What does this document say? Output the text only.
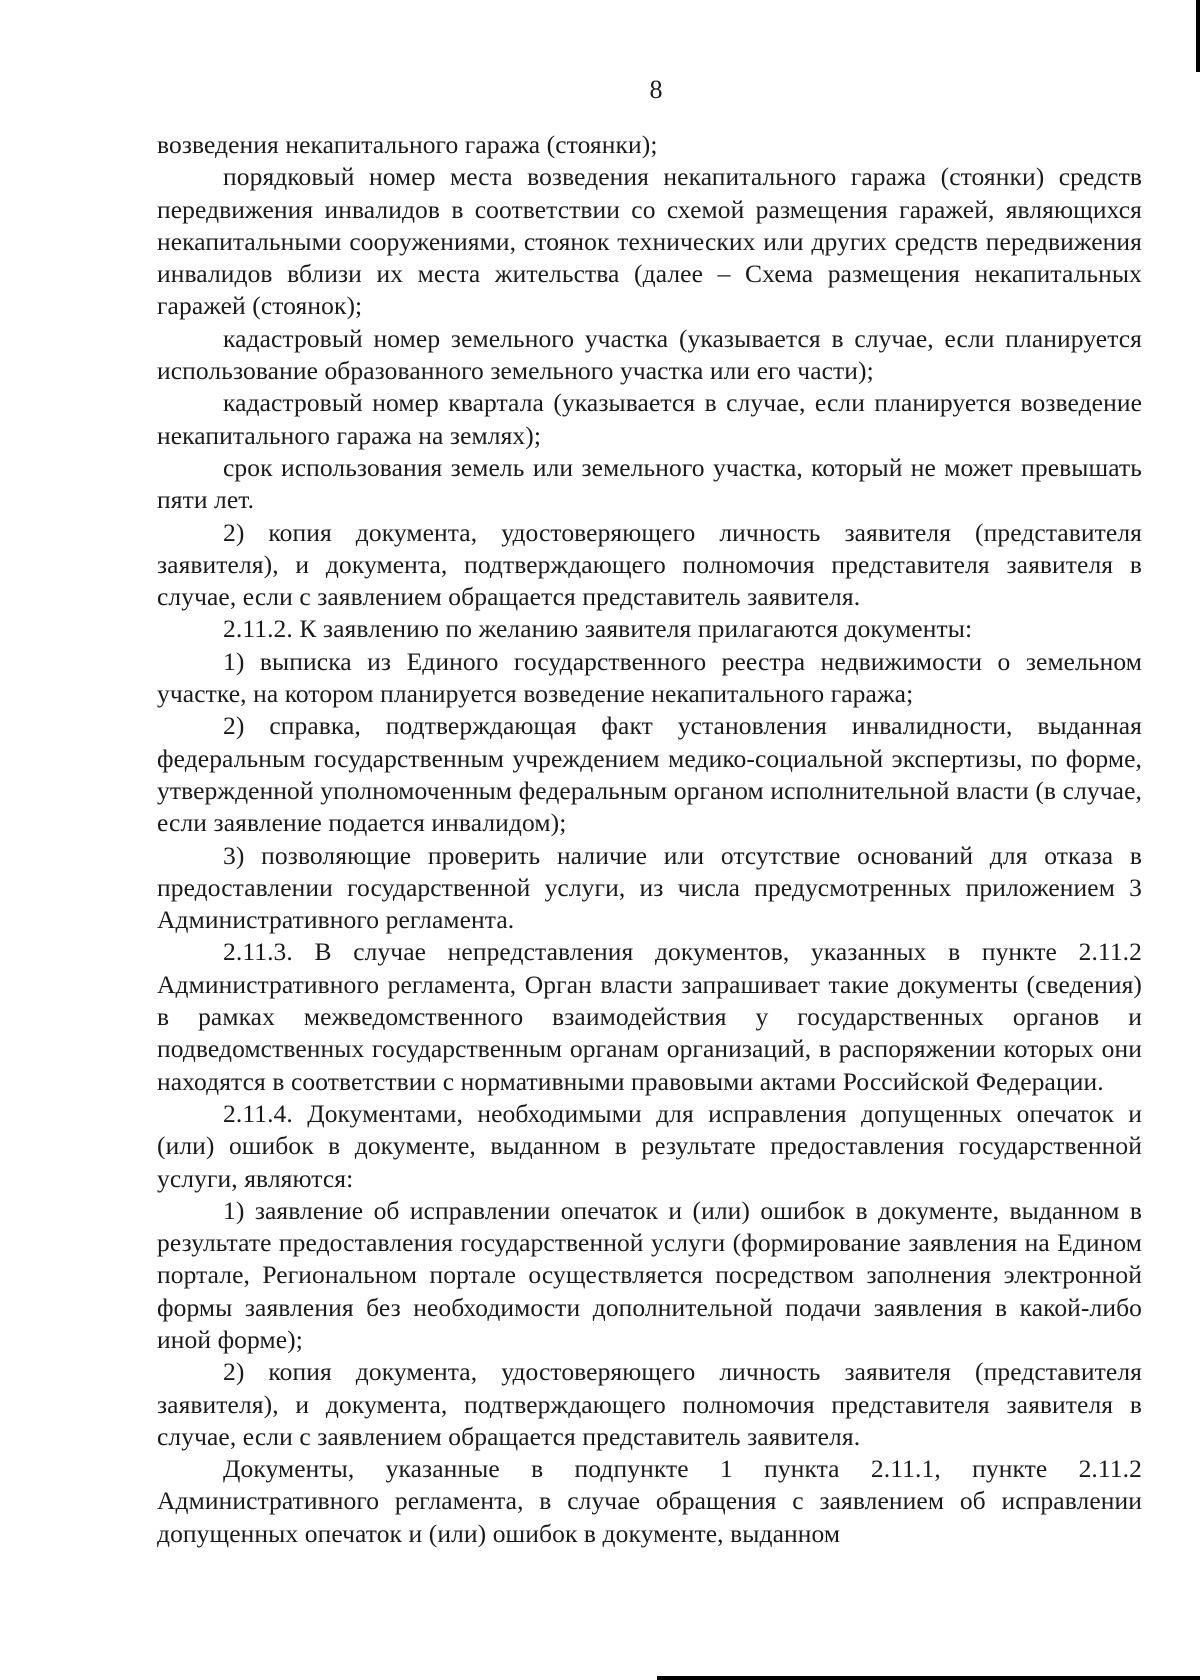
8

возведения некапитального гаража (стоянки);

порядковый номер места возведения некапитального гаража (стоянки) средств передвижения инвалидов в соответствии со схемой размещения гаражей, являющихся некапитальными сооружениями, стоянок технических или других средств передвижения инвалидов вблизи их места жительства (далее – Схема размещения некапитальных гаражей (стоянок);

кадастровый номер земельного участка (указывается в случае, если планируется использование образованного земельного участка или его части);

кадастровый номер квартала (указывается в случае, если планируется возведение некапитального гаража на землях);

срок использования земель или земельного участка, который не может превышать пяти лет.

2) копия документа, удостоверяющего личность заявителя (представителя заявителя), и документа, подтверждающего полномочия представителя заявителя в случае, если с заявлением обращается представитель заявителя.

2.11.2. К заявлению по желанию заявителя прилагаются документы:

1) выписка из Единого государственного реестра недвижимости о земельном участке, на котором планируется возведение некапитального гаража;

2) справка, подтверждающая факт установления инвалидности, выданная федеральным государственным учреждением медико-социальной экспертизы, по форме, утвержденной уполномоченным федеральным органом исполнительной власти (в случае, если заявление подается инвалидом);

3) позволяющие проверить наличие или отсутствие оснований для отказа в предоставлении государственной услуги, из числа предусмотренных приложением 3 Административного регламента.

2.11.3. В случае непредставления документов, указанных в пункте 2.11.2 Административного регламента, Орган власти запрашивает такие документы (сведения) в рамках межведомственного взаимодействия у государственных органов и подведомственных государственным органам организаций, в распоряжении которых они находятся в соответствии с нормативными правовыми актами Российской Федерации.

2.11.4. Документами, необходимыми для исправления допущенных опечаток и (или) ошибок в документе, выданном в результате предоставления государственной услуги, являются:

1) заявление об исправлении опечаток и (или) ошибок в документе, выданном в результате предоставления государственной услуги (формирование заявления на Едином портале, Региональном портале осуществляется посредством заполнения электронной формы заявления без необходимости дополнительной подачи заявления в какой-либо иной форме);

2) копия документа, удостоверяющего личность заявителя (представителя заявителя), и документа, подтверждающего полномочия представителя заявителя в случае, если с заявлением обращается представитель заявителя.

Документы, указанные в подпункте 1 пункта 2.11.1, пункте 2.11.2 Административного регламента, в случае обращения с заявлением об исправлении допущенных опечаток и (или) ошибок в документе, выданном
